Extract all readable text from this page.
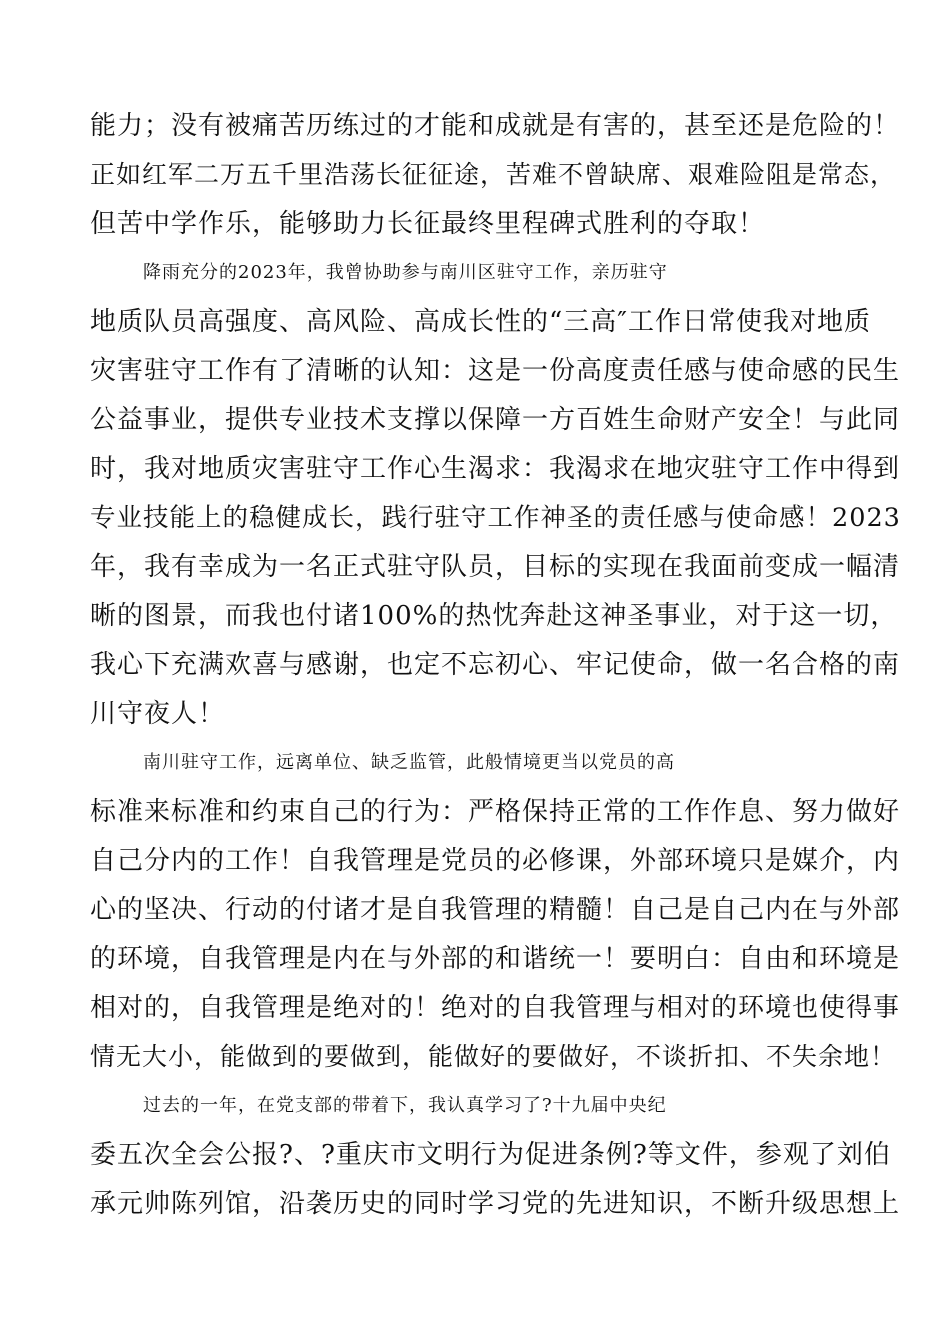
能力；没有被痛苦历练过的才能和成就是有害的，甚至还是危险的！
正如红军二万五千里浩荡长征征途，苦难不曾缺席、艰难险阻是常态，
但苦中学作乐，能够助力长征最终里程碑式胜利的夺取！
降雨充分的2023年，我曾协助参与南川区驻守工作，亲历驻守
地质队员高强度、高风险、高成长性的“三高″工作日常使我对地质
灾害驻守工作有了清晰的认知：这是一份高度责任感与使命感的民生
公益事业，提供专业技术支撑以保障一方百姓生命财产安全！与此同
时，我对地质灾害驻守工作心生渴求：我渴求在地灾驻守工作中得到
专业技能上的稳健成长，践行驻守工作神圣的责任感与使命感！2023
年，我有幸成为一名正式驻守队员，目标的实现在我面前变成一幅清
晰的图景，而我也付诸100%的热忱奔赴这神圣事业，对于这一切，
我心下充满欢喜与感谢，也定不忘初心、牢记使命，做一名合格的南
川守夜人！
南川驻守工作，远离单位、缺乏监管，此般情境更当以党员的高
标准来标准和约束自己的行为：严格保持正常的工作作息、努力做好
自己分内的工作！自我管理是党员的必修课，外部环境只是媒介，内
心的坚决、行动的付诸才是自我管理的精髓！自己是自己内在与外部
的环境，自我管理是内在与外部的和谐统一！要明白：自由和环境是
相对的，自我管理是绝对的！绝对的自我管理与相对的环境也使得事
情无大小，能做到的要做到，能做好的要做好，不谈折扣、不失余地！
过去的一年，在党支部的带着下，我认真学习了?十九届中央纪
委五次全会公报?、?重庆市文明行为促进条例?等文件，参观了刘伯
承元帅陈列馆，沿袭历史的同时学习党的先进知识，不断升级思想上
